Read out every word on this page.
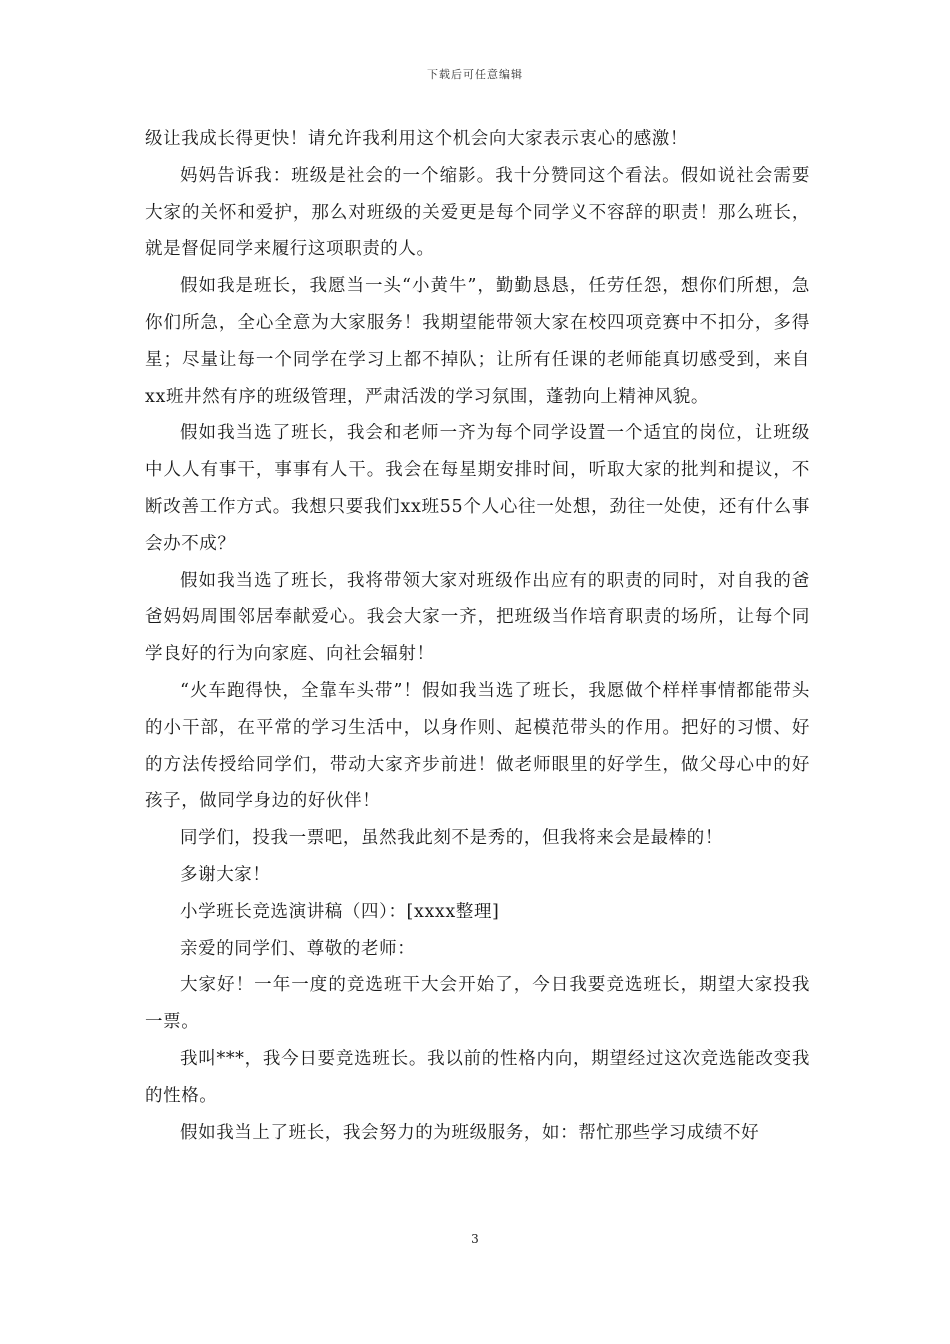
下载后可任意编辑

级让我成长得更快！请允许我利用这个机会向大家表示衷心的感激！

妈妈告诉我：班级是社会的一个缩影。我十分赞同这个看法。假如说社会需要大家的关怀和爱护，那么对班级的关爱更是每个同学义不容辞的职责！那么班长，就是督促同学来履行这项职责的人。

假如我是班长，我愿当一头“小黄牛”，勤勤恳恳，任劳任怨，想你们所想，急你们所急，全心全意为大家服务！我期望能带领大家在校四项竞赛中不扣分，多得星；尽量让每一个同学在学习上都不掉队；让所有任课的老师能真切感受到，来自xx班井然有序的班级管理，严肃活泼的学习氛围，蓬勃向上精神风貌。

假如我当选了班长，我会和老师一齐为每个同学设置一个适宜的岗位，让班级中人人有事干，事事有人干。我会在每星期安排时间，听取大家的批判和提议，不断改善工作方式。我想只要我们xx班55个人心往一处想，劲往一处使，还有什么事会办不成？

假如我当选了班长，我将带领大家对班级作出应有的职责的同时，对自我的爸爸妈妈周围邻居奉献爱心。我会大家一齐，把班级当作培育职责的场所，让每个同学良好的行为向家庭、向社会辐射！

“火车跑得快，全靠车头带”！假如我当选了班长，我愿做个样样事情都能带头的小干部，在平常的学习生活中，以身作则、起模范带头的作用。把好的习惯、好的方法传授给同学们，带动大家齐步前进！做老师眼里的好学生，做父母心中的好孩子，做同学身边的好伙伴！

同学们，投我一票吧，虽然我此刻不是秀的，但我将来会是最棒的！

多谢大家！

小学班长竞选演讲稿（四）：[xxxx整理]

亲爱的同学们、尊敬的老师：

大家好！一年一度的竞选班干大会开始了，今日我要竞选班长，期望大家投我一票。

我叫***，我今日要竞选班长。我以前的性格内向，期望经过这次竞选能改变我的性格。

假如我当上了班长，我会努力的为班级服务，如：帮忙那些学习成绩不好

3
